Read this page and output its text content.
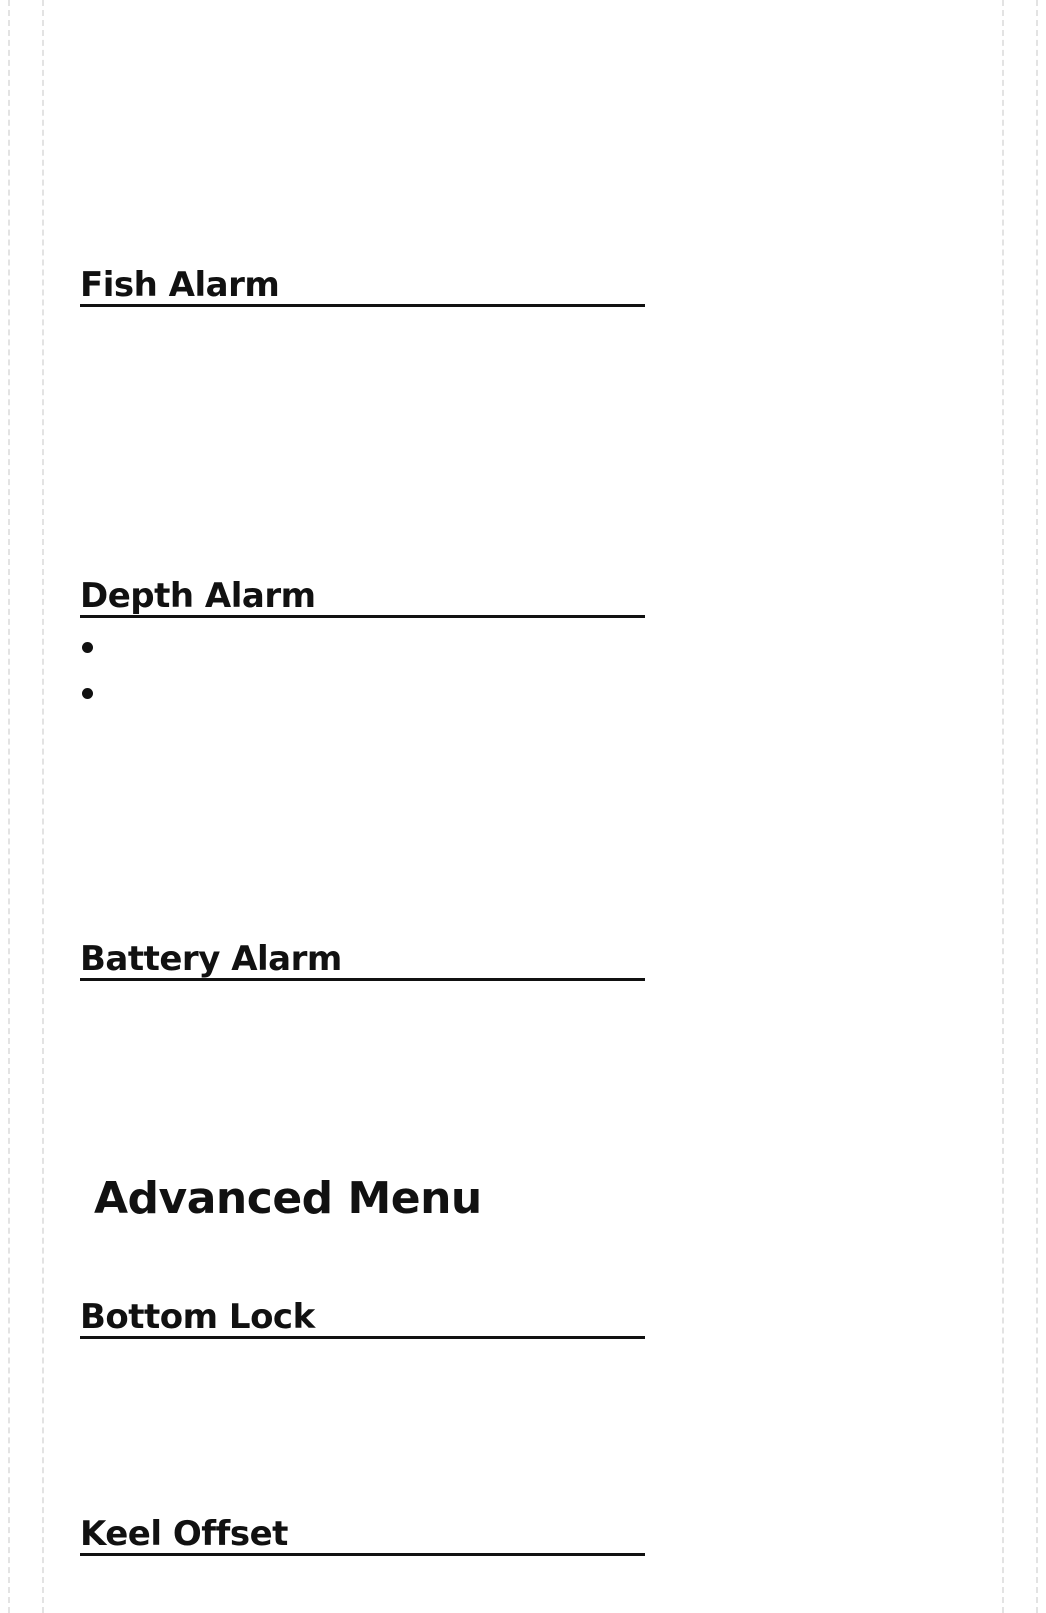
Fish Alarm
Depth Alarm
Battery Alarm
Advanced Menu
Bottom Lock
Keel Offset
